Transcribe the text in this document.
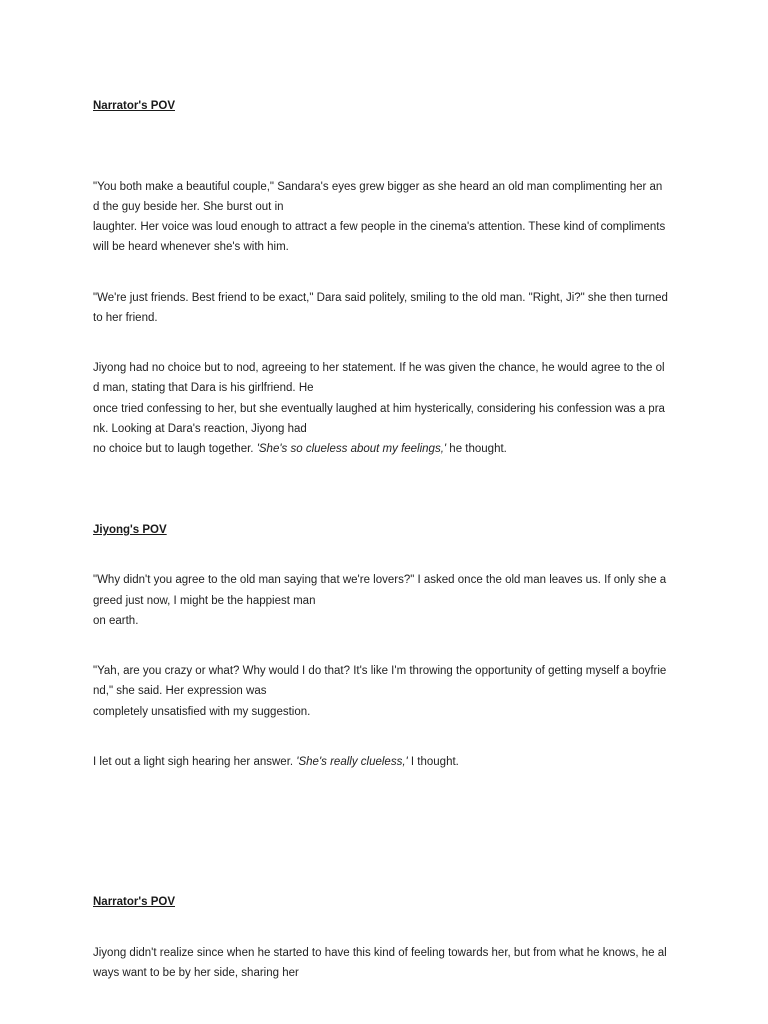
Narrator's POV
"You both make a beautiful couple," Sandara's eyes grew bigger as she heard an old man complimenting her an
d the guy beside her. She burst out in
laughter. Her voice was loud enough to attract a few people in the cinema's attention. These kind of compliments
will be heard whenever she's with him.
"We're just friends. Best friend to be exact," Dara said politely, smiling to the old man. "Right, Ji?" she then turned
to her friend.
Jiyong had no choice but to nod, agreeing to her statement. If he was given the chance, he would agree to the ol
d man, stating that Dara is his girlfriend. He
once tried confessing to her, but she eventually laughed at him hysterically, considering his confession was a pra
nk. Looking at Dara's reaction, Jiyong had
no choice but to laugh together. 'She's so clueless about my feelings,' he thought.
Jiyong's POV
"Why didn't you agree to the old man saying that we're lovers?" I asked once the old man leaves us. If only she a
greed just now, I might be the happiest man
on earth.
"Yah, are you crazy or what? Why would I do that? It's like I'm throwing the opportunity of getting myself a boyfrie
nd," she said. Her expression was
completely unsatisfied with my suggestion.
I let out a light sigh hearing her answer. 'She's really clueless,' I thought.
Narrator's POV
Jiyong didn't realize since when he started to have this kind of feeling towards her, but from what he knows, he al
ways want to be by her side, sharing her
